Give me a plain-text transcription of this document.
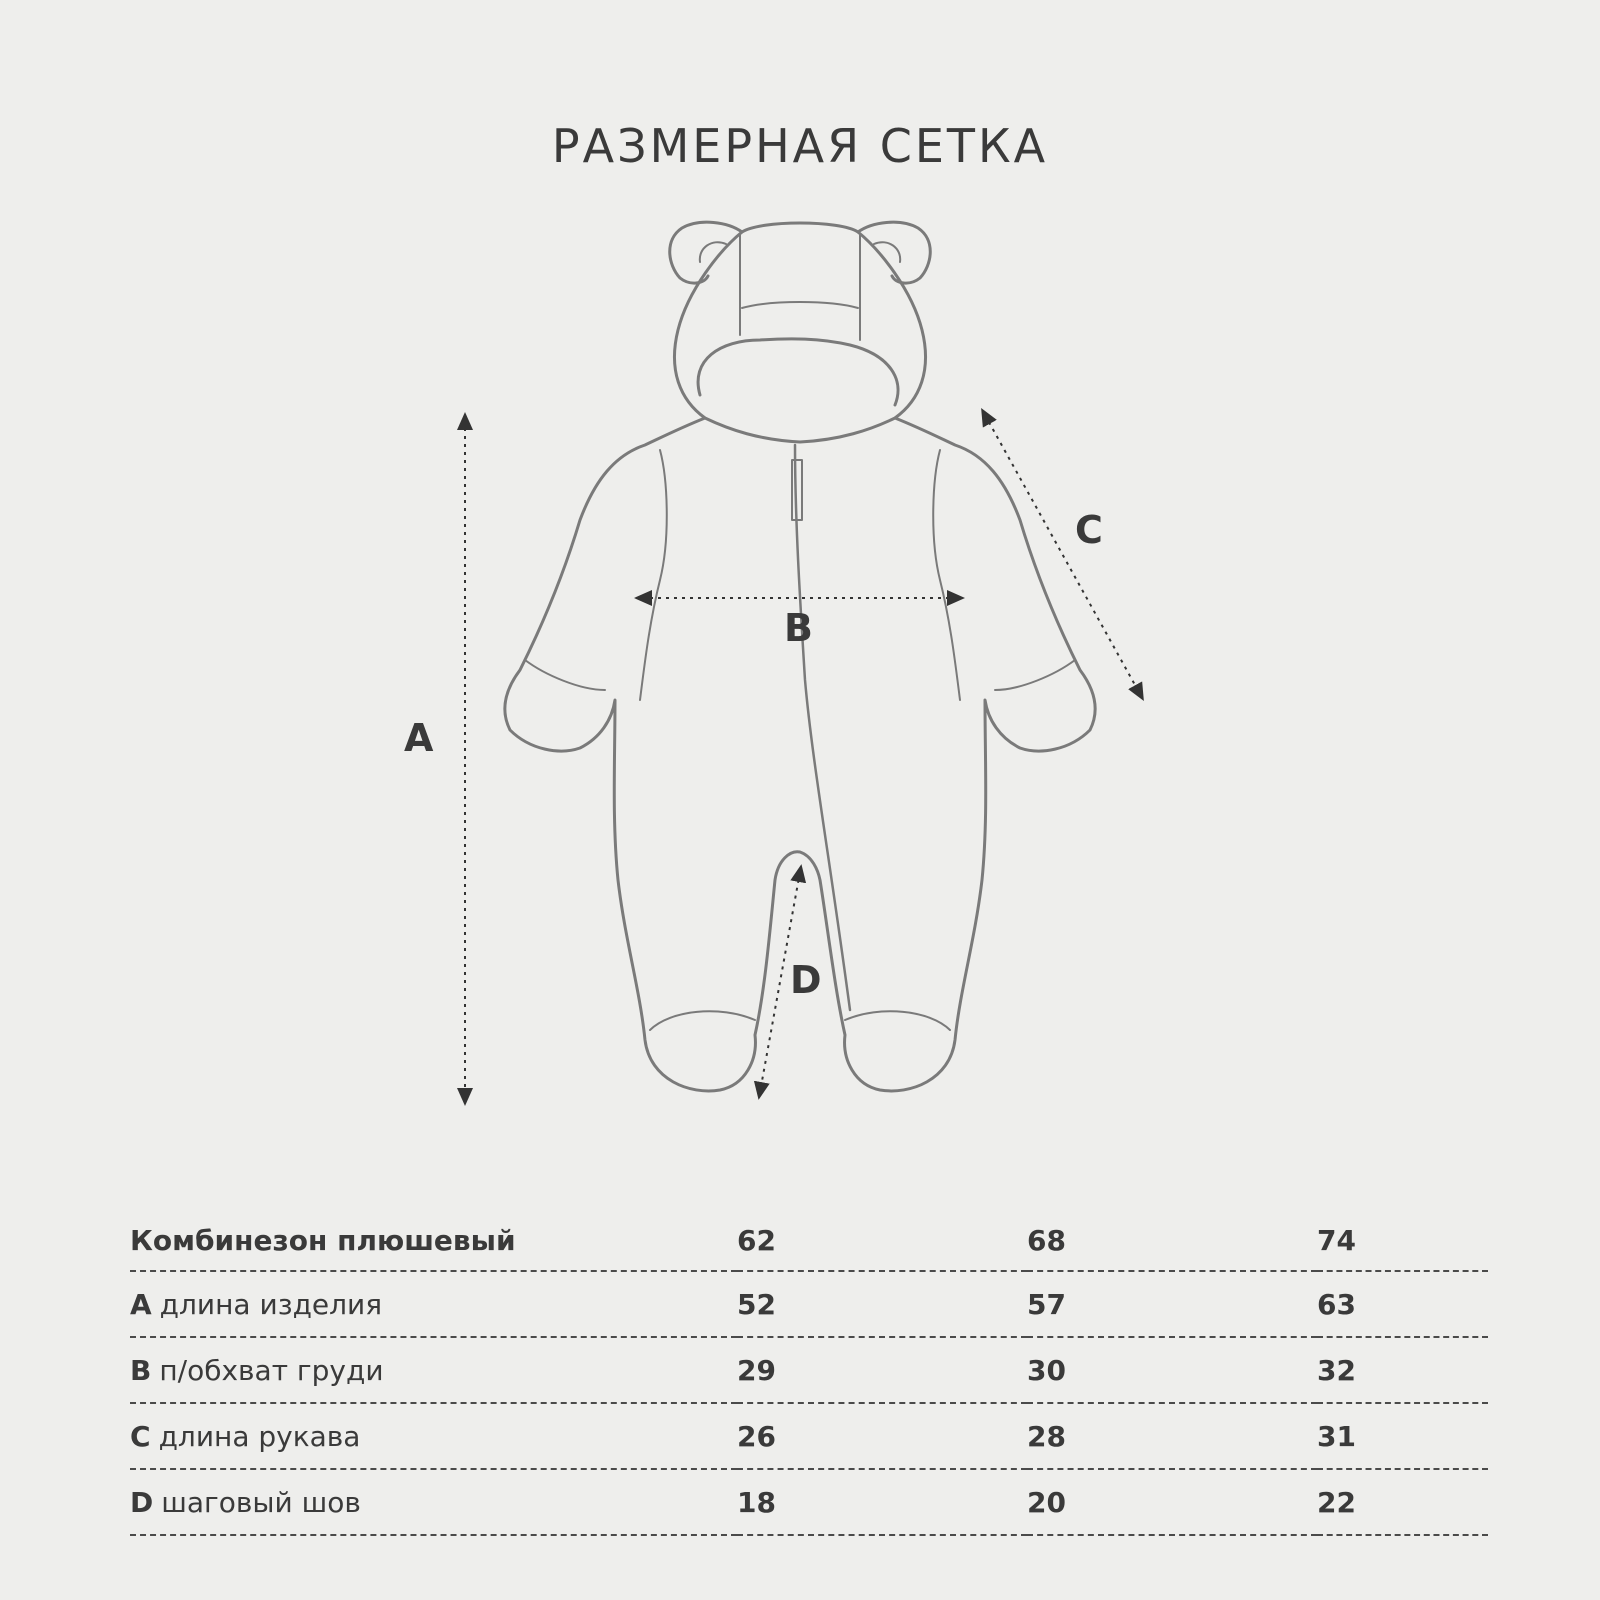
РАЗМЕРНАЯ СЕТКА
A
B
C
D
Комбинезон плюшевый	62	68	74
A длина изделия	52	57	63
B п/обхват груди	29	30	32
C длина рукава	26	28	31
D шаговый шов	18	20	22
